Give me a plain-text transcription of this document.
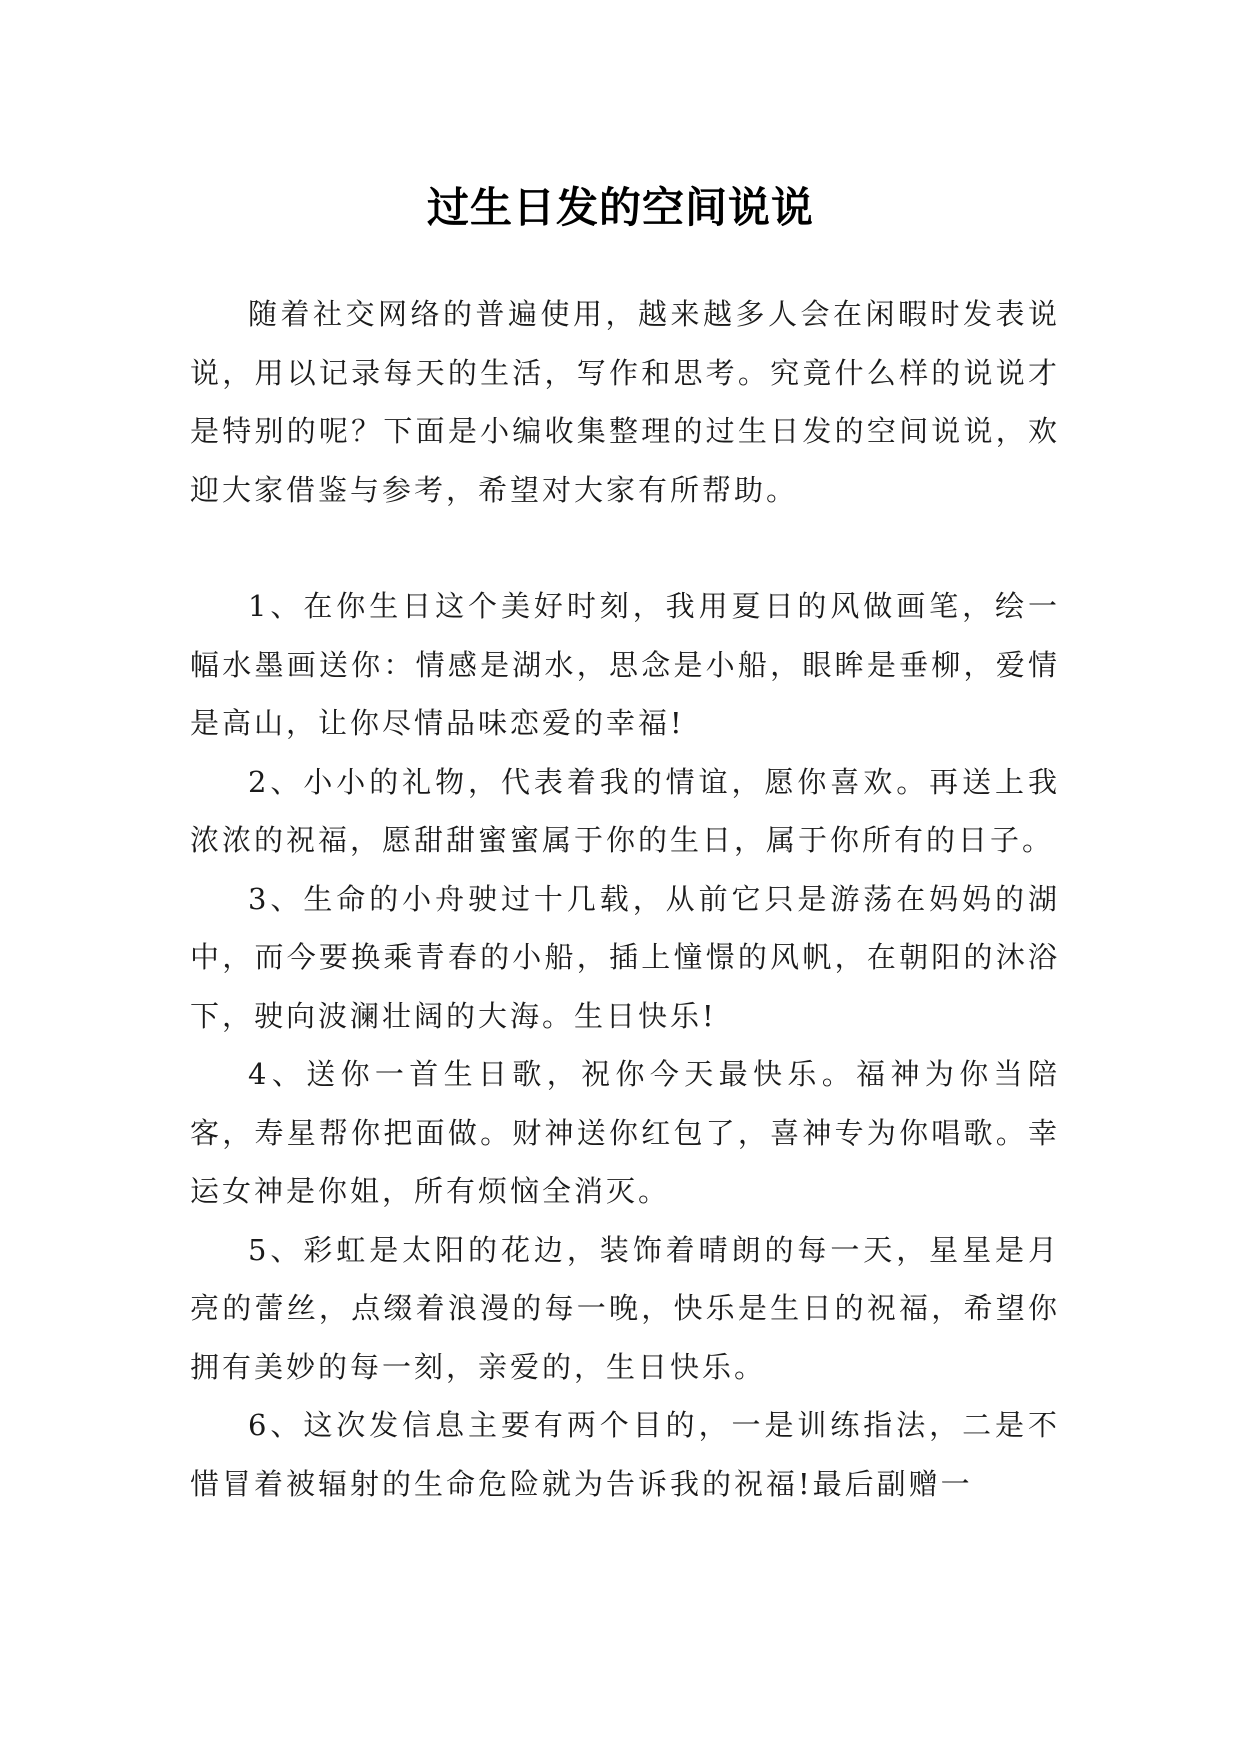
过生日发的空间说说

随着社交网络的普遍使用，越来越多人会在闲暇时发表说说，用以记录每天的生活，写作和思考。究竟什么样的说说才是特别的呢？下面是小编收集整理的过生日发的空间说说，欢迎大家借鉴与参考，希望对大家有所帮助。

1、在你生日这个美好时刻，我用夏日的风做画笔，绘一幅水墨画送你：情感是湖水，思念是小船，眼眸是垂柳，爱情是高山，让你尽情品味恋爱的幸福!

2、小小的礼物，代表着我的情谊，愿你喜欢。再送上我浓浓的祝福，愿甜甜蜜蜜属于你的生日，属于你所有的日子。

3、生命的小舟驶过十几载，从前它只是游荡在妈妈的湖中，而今要换乘青春的小船，插上憧憬的风帆，在朝阳的沐浴下，驶向波澜壮阔的大海。生日快乐!

4、送你一首生日歌，祝你今天最快乐。福神为你当陪客，寿星帮你把面做。财神送你红包了，喜神专为你唱歌。幸运女神是你姐，所有烦恼全消灭。

5、彩虹是太阳的花边，装饰着晴朗的每一天，星星是月亮的蕾丝，点缀着浪漫的每一晚，快乐是生日的祝福，希望你拥有美妙的每一刻，亲爱的，生日快乐。

6、这次发信息主要有两个目的，一是训练指法，二是不惜冒着被辐射的生命危险就为告诉我的祝福!最后副赠一
